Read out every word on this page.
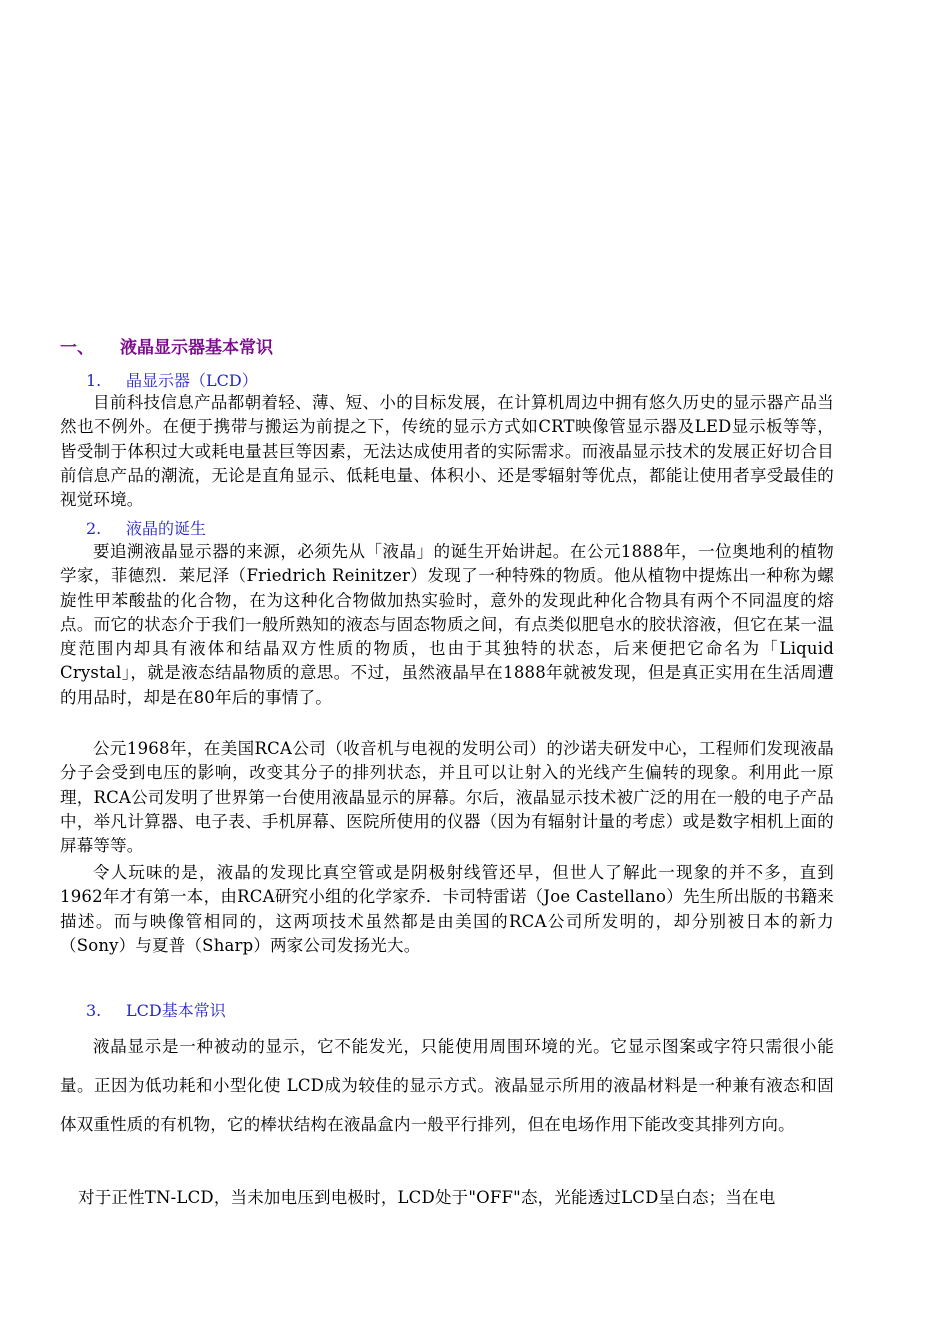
一、 液晶显示器基本常识
1. 晶显示器（LCD）

目前科技信息产品都朝着轻、薄、短、小的目标发展，在计算机周边中拥有悠久历史的显示器产品当然也不例外。在便于携带与搬运为前提之下，传统的显示方式如CRT映像管显示器及LED显示板等等，皆受制于体积过大或耗电量甚巨等因素，无法达成使用者的实际需求。而液晶显示技术的发展正好切合目前信息产品的潮流，无论是直角显示、低耗电量、体积小、还是零辐射等优点，都能让使用者享受最佳的视觉环境。

2. 液晶的诞生

要追溯液晶显示器的来源，必须先从「液晶」的诞生开始讲起。在公元1888年，一位奥地利的植物学家，菲德烈．莱尼泽（Friedrich Reinitzer）发现了一种特殊的物质。他从植物中提炼出一种称为螺旋性甲苯酸盐的化合物，在为这种化合物做加热实验时，意外的发现此种化合物具有两个不同温度的熔点。而它的状态介于我们一般所熟知的液态与固态物质之间，有点类似肥皂水的胶状溶液，但它在某一温度范围内却具有液体和结晶双方性质的物质，也由于其独特的状态，后来便把它命名为「Liquid Crystal」，就是液态结晶物质的意思。不过，虽然液晶早在1888年就被发现，但是真正实用在生活周遭的用品时，却是在80年后的事情了。

公元1968年，在美国RCA公司（收音机与电视的发明公司）的沙诺夫研发中心，工程师们发现液晶分子会受到电压的影响，改变其分子的排列状态，并且可以让射入的光线产生偏转的现象。利用此一原理，RCA公司发明了世界第一台使用液晶显示的屏幕。尔后，液晶显示技术被广泛的用在一般的电子产品中，举凡计算器、电子表、手机屏幕、医院所使用的仪器（因为有辐射计量的考虑）或是数字相机上面的屏幕等等。

令人玩味的是，液晶的发现比真空管或是阴极射线管还早，但世人了解此一现象的并不多，直到1962年才有第一本，由RCA研究小组的化学家乔．卡司特雷诺（Joe Castellano）先生所出版的书籍来描述。而与映像管相同的，这两项技术虽然都是由美国的RCA公司所发明的，却分别被日本的新力（Sony）与夏普（Sharp）两家公司发扬光大。

3. LCD基本常识

液晶显示是一种被动的显示，它不能发光，只能使用周围环境的光。它显示图案或字符只需很小能量。正因为低功耗和小型化使 LCD成为较佳的显示方式。液晶显示所用的液晶材料是一种兼有液态和固体双重性质的有机物，它的棒状结构在液晶盒内一般平行排列，但在电场作用下能改变其排列方向。

对于正性TN-LCD，当未加电压到电极时，LCD处于"OFF"态，光能透过LCD呈白态；当在电
